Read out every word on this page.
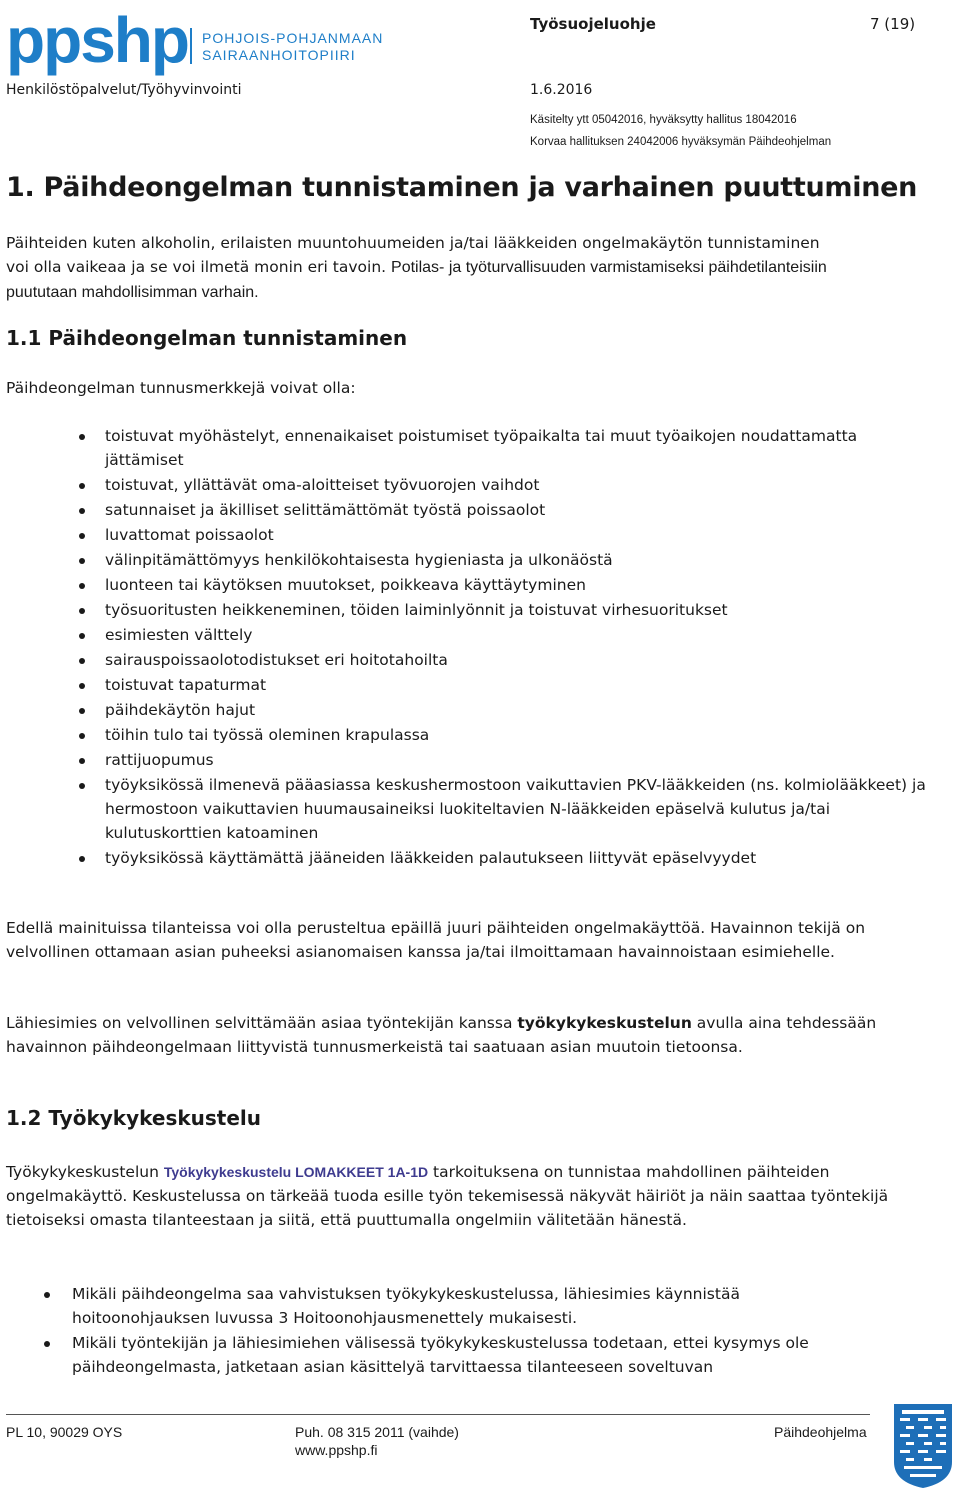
ppshp POHJOIS-POHJANMAAN
SAIRAANHOITOPIIRI
Työsuojeluohje	7 (19)
Henkilöstöpalvelut/Työhyvinvointi	1.6.2016
Käsitelty ytt 05042016, hyväksytty hallitus 18042016
Korvaa hallituksen 24042006 hyväksymän Päihdeohjelman
1. Päihdeongelman tunnistaminen ja varhainen puuttuminen
Päihteiden kuten alkoholin, erilaisten muuntohuumeiden ja/tai lääkkeiden ongelmakäytön tunnistaminen voi olla vaikeaa ja se voi ilmetä monin eri tavoin. Potilas- ja työturvallisuuden varmistamiseksi päihdetilanteisiin puututaan mahdollisimman varhain.
1.1 Päihdeongelman tunnistaminen
Päihdeongelman tunnusmerkkejä voivat olla:
toistuvat myöhästelyt, ennenaikaiset poistumiset työpaikalta tai muut työaikojen noudattamatta jättämiset
toistuvat, yllättävät oma-aloitteiset työvuorojen vaihdot
satunnaiset ja äkilliset selittämättömät työstä poissaolot
luvattomat poissaolot
välinpitämättömyys henkilökohtaisesta hygieniasta ja ulkonäöstä
luonteen tai käytöksen muutokset, poikkeava käyttäytyminen
työsuoritusten heikkeneminen, töiden laiminlyönnit ja toistuvat virhesuoritukset
esimiesten välttely
sairauspoissaolotodistukset eri hoitotahoilta
toistuvat tapaturmat
päihdekäytön hajut
töihin tulo tai työssä oleminen krapulassa
rattijuopumus
työyksikössä ilmenevä pääasiassa keskushermostoon vaikuttavien PKV-lääkkeiden (ns. kolmiolääkkeet) ja hermostoon vaikuttavien huumausaineiksi luokiteltavien N-lääkkeiden epäselvä kulutus ja/tai kulutuskorttien katoaminen
työyksikössä käyttämättä jääneiden lääkkeiden palautukseen liittyvät epäselvyydet
Edellä mainituissa tilanteissa voi olla perusteltua epäillä juuri päihteiden ongelmakäyttöä. Havainnon tekijä on velvollinen ottamaan asian puheeksi asianomaisen kanssa ja/tai ilmoittamaan havainnoistaan esimiehelle.
Lähiesimies on velvollinen selvittämään asiaa työntekijän kanssa työkykykeskustelun avulla aina tehdessään havainnon päihdeongelmaan liittyvistä tunnusmerkeistä tai saatuaan asian muutoin tietoonsa.
1.2 Työkykykeskustelu
Työkykykeskustelun Työkykykeskustelu LOMAKKEET 1A-1D tarkoituksena on tunnistaa mahdollinen päihteiden ongelmakäyttö. Keskustelussa on tärkeää tuoda esille työn tekemisessä näkyvät häiriöt ja näin saattaa työntekijä tietoiseksi omasta tilanteestaan ja siitä, että puuttumalla ongelmiin välitetään hänestä.
Mikäli päihdeongelma saa vahvistuksen työkykykeskustelussa, lähiesimies käynnistää hoitoonohjauksen luvussa 3 Hoitoonohjausmenettely mukaisesti.
Mikäli työntekijän ja lähiesimiehen välisessä työkykykeskustelussa todetaan, ettei kysymys ole päihdeongelmasta, jatketaan asian käsittelyä tarvittaessa tilanteeseen soveltuvan
PL 10, 90029 OYS	Puh. 08 315 2011 (vaihde)
www.ppshp.fi
Päihdeohjelma
